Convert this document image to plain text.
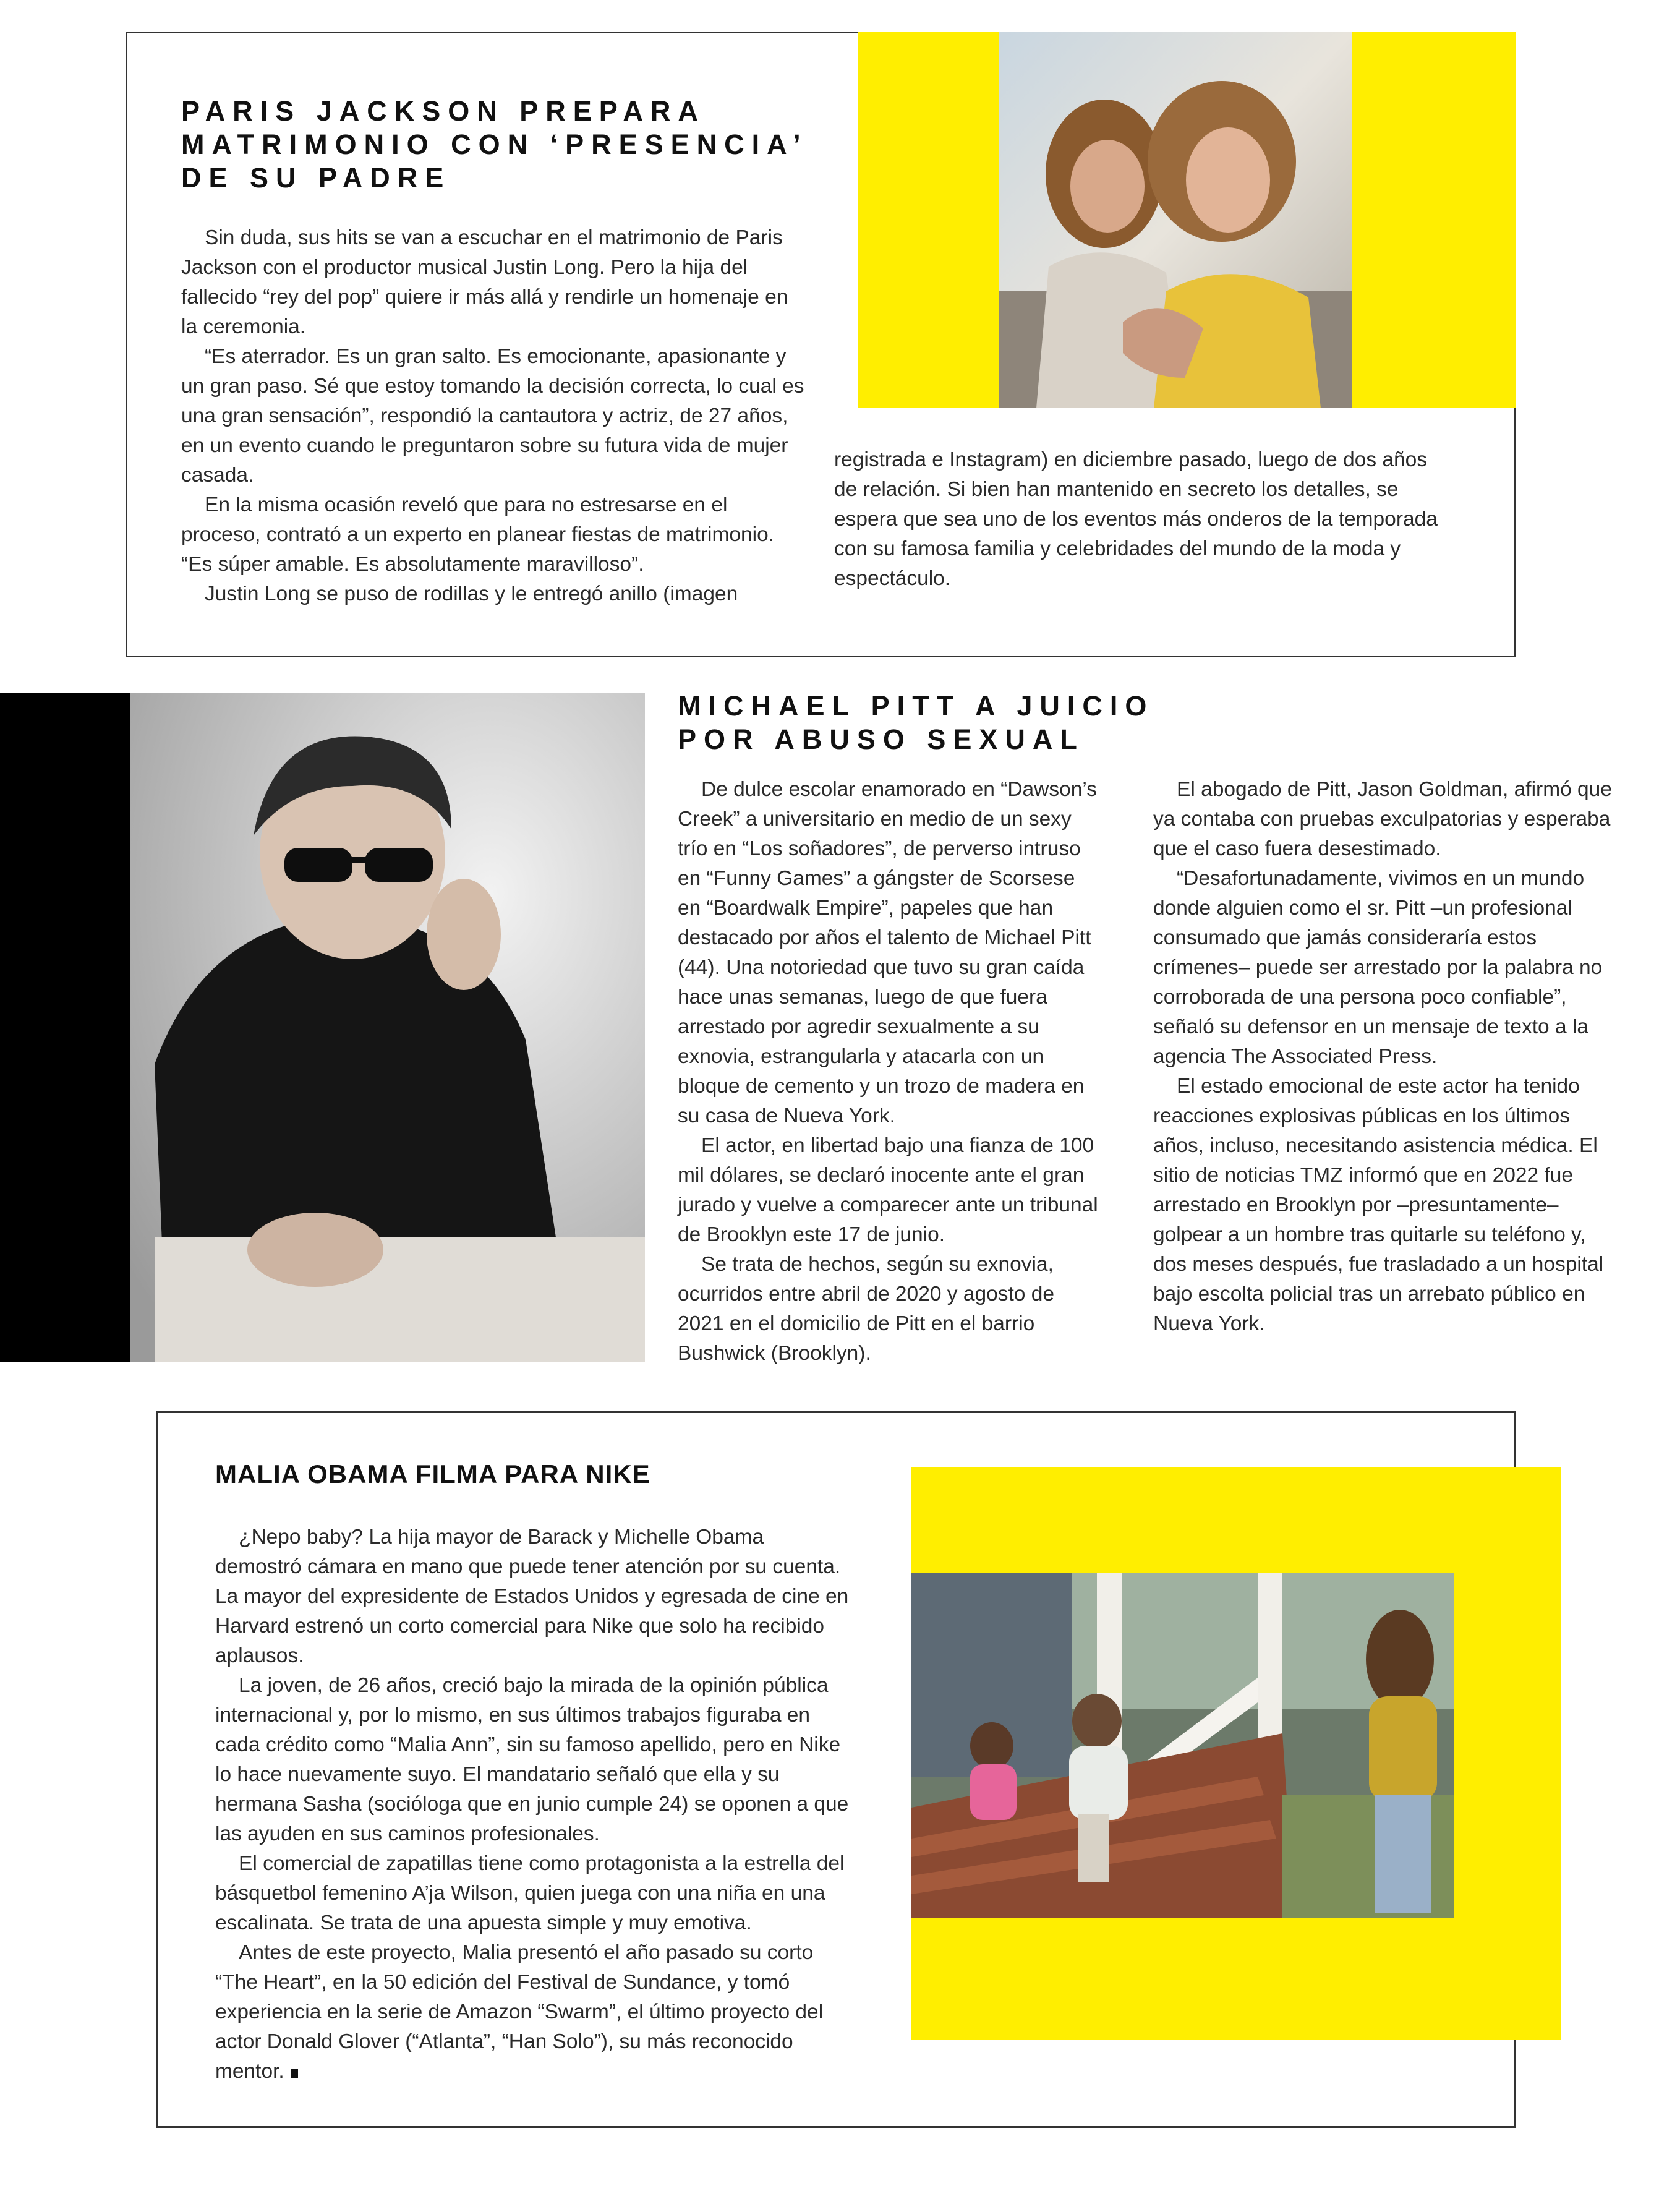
PARIS JACKSON PREPARA
MATRIMONIO CON ‘PRESENCIA’
DE SU PADRE

Sin duda, sus hits se van a escuchar en el matrimonio de Paris Jackson con el productor musical Justin Long. Pero la hija del fallecido “rey del pop” quiere ir más allá y rendirle un homenaje en la ceremonia.

“Es aterrador. Es un gran salto. Es emocionante, apasionante y un gran paso. Sé que estoy tomando la decisión correcta, lo cual es una gran sensación”, respondió la cantautora y actriz, de 27 años, en un evento cuando le preguntaron sobre su futura vida de mujer casada.

En la misma ocasión reveló que para no estresarse en el proceso, contrató a un experto en planear fiestas de matrimonio. “Es súper amable. Es absolutamente maravilloso”.

Justin Long se puso de rodillas y le entregó anillo (imagen

registrada e Instagram) en diciembre pasado, luego de dos años de relación. Si bien han mantenido en secreto los detalles, se espera que sea uno de los eventos más onderos de la temporada con su famosa familia y celebridades del mundo de la moda y espectáculo.

MICHAEL PITT A JUICIO
POR ABUSO SEXUAL

De dulce escolar enamorado en “Dawson’s Creek” a universitario en medio de un sexy trío en “Los soñadores”, de perverso intruso en “Funny Games” a gángster de Scorsese en “Boardwalk Empire”, papeles que han destacado por años el talento de Michael Pitt (44). Una notoriedad que tuvo su gran caída hace unas semanas, luego de que fuera arrestado por agredir sexualmente a su exnovia, estrangularla y atacarla con un bloque de cemento y un trozo de madera en su casa de Nueva York.

El actor, en libertad bajo una fianza de 100 mil dólares, se declaró inocente ante el gran jurado y vuelve a comparecer ante un tribunal de Brooklyn este 17 de junio.

Se trata de hechos, según su exnovia, ocurridos entre abril de 2020 y agosto de 2021 en el domicilio de Pitt en el barrio Bushwick (Brooklyn).

El abogado de Pitt, Jason Goldman, afirmó que ya contaba con pruebas exculpatorias y esperaba que el caso fuera desestimado.

“Desafortunadamente, vivimos en un mundo donde alguien como el sr. Pitt –un profesional consumado que jamás consideraría estos crímenes– puede ser arrestado por la palabra no corroborada de una persona poco confiable”, señaló su defensor en un mensaje de texto a la agencia The Associated Press.

El estado emocional de este actor ha tenido reacciones explosivas públicas en los últimos años, incluso, necesitando asistencia médica. El sitio de noticias TMZ informó que en 2022 fue arrestado en Brooklyn por –presuntamente– golpear a un hombre tras quitarle su teléfono y, dos meses después, fue trasladado a un hospital bajo escolta policial tras un arrebato público en Nueva York.

MALIA OBAMA FILMA PARA NIKE

¿Nepo baby? La hija mayor de Barack y Michelle Obama demostró cámara en mano que puede tener atención por su cuenta. La mayor del expresidente de Estados Unidos y egresada de cine en Harvard estrenó un corto comercial para Nike que solo ha recibido aplausos.

La joven, de 26 años, creció bajo la mirada de la opinión pública internacional y, por lo mismo, en sus últimos trabajos figuraba en cada crédito como “Malia Ann”, sin su famoso apellido, pero en Nike lo hace nuevamente suyo. El mandatario señaló que ella y su hermana Sasha (socióloga que en junio cumple 24) se oponen a que las ayuden en sus caminos profesionales.

El comercial de zapatillas tiene como protagonista a la estrella del básquetbol femenino A’ja Wilson, quien juega con una niña en una escalinata. Se trata de una apuesta simple y muy emotiva.

Antes de este proyecto, Malia presentó el año pasado su corto “The Heart”, en la 50 edición del Festival de Sundance, y tomó experiencia en la serie de Amazon “Swarm”, el último proyecto del actor Donald Glover (“Atlanta”, “Han Solo”), su más reconocido mentor.
